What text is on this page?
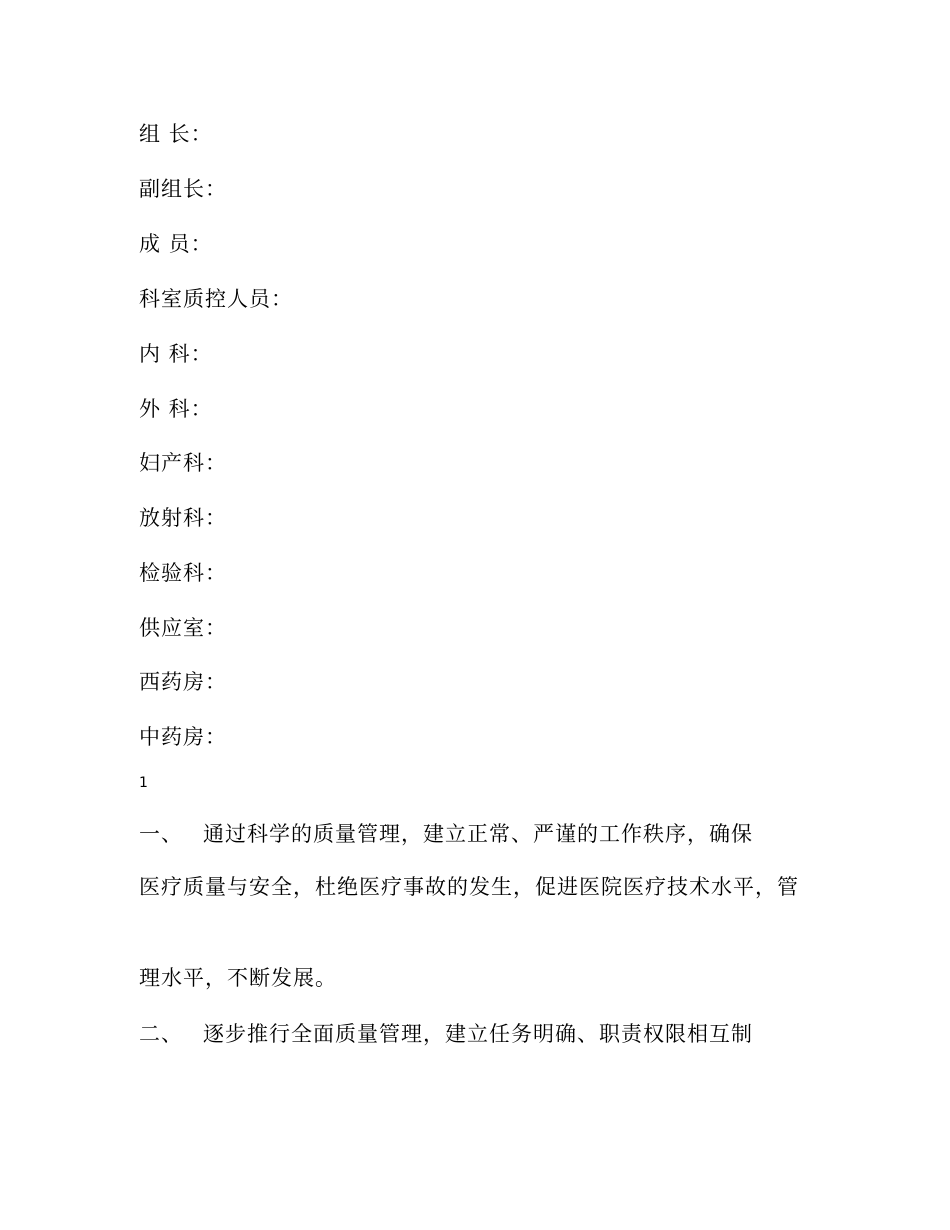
组 长：
副组长：
成 员：
科室质控人员：
内 科：
外 科：
妇产科：
放射科：
检验科：
供应室：
西药房：
中药房：
1
一、 通过科学的质量管理，建立正常、严谨的工作秩序，确保
医疗质量与安全，杜绝医疗事故的发生，促进医院医疗技术水平，管
理水平，不断发展。
二、 逐步推行全面质量管理，建立任务明确、职责权限相互制
